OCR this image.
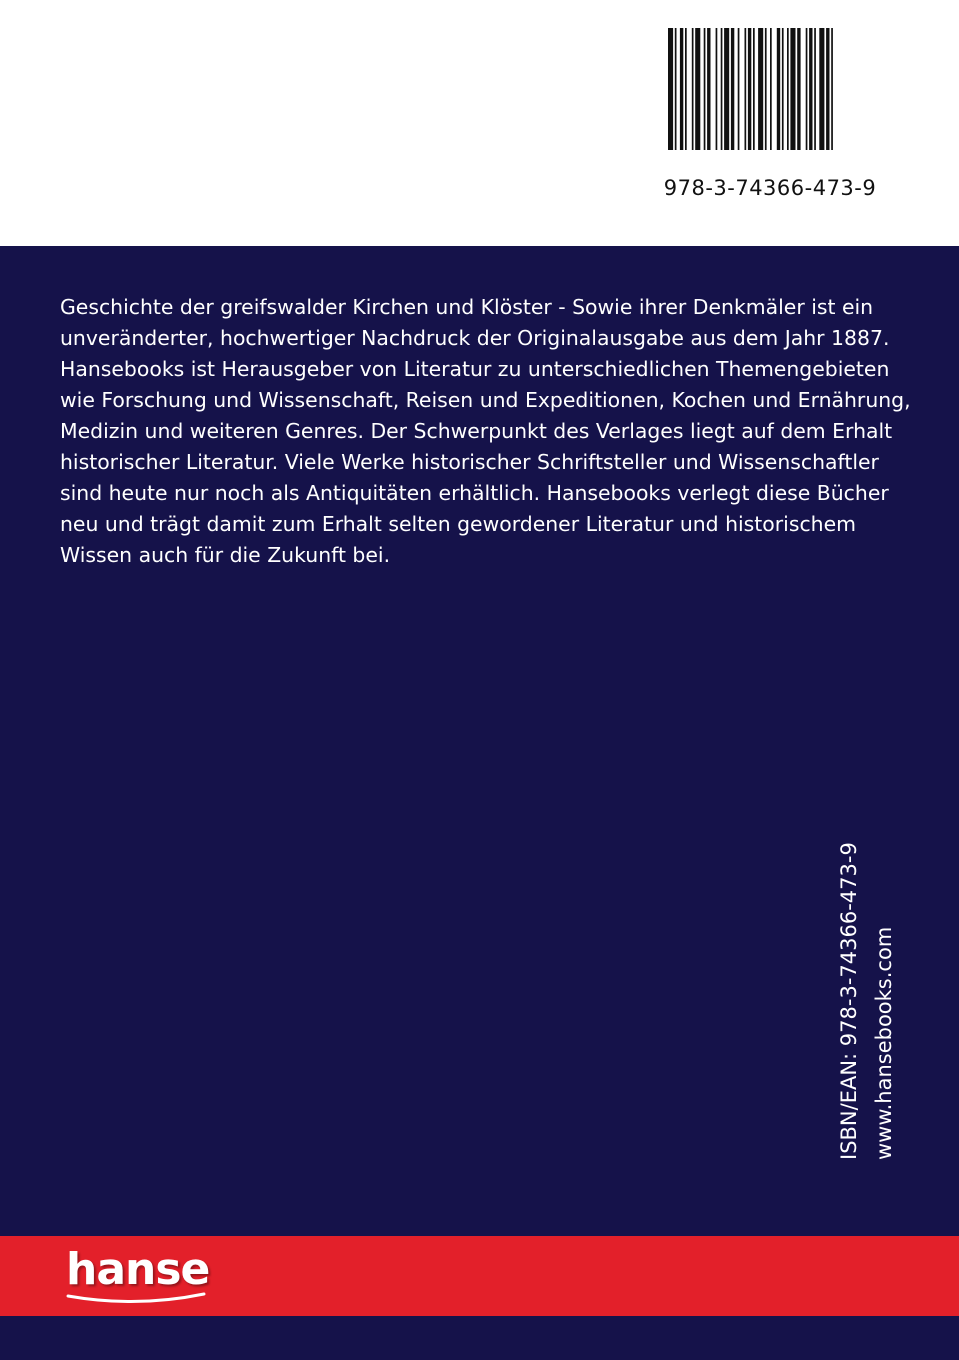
978-3-74366-473-9

Geschichte der greifswalder Kirchen und Klöster - Sowie ihrer Denkmäler ist ein unveränderter, hochwertiger Nachdruck der Originalausgabe aus dem Jahr 1887.

Hansebooks ist Herausgeber von Literatur zu unterschiedlichen Themengebieten wie Forschung und Wissenschaft, Reisen und Expeditionen, Kochen und Ernährung, Medizin und weiteren Genres. Der Schwerpunkt des Verlages liegt auf dem Erhalt historischer Literatur. Viele Werke historischer Schriftsteller und Wissenschaftler sind heute nur noch als Antiquitäten erhältlich. Hansebooks verlegt diese Bücher neu und trägt damit zum Erhalt selten gewordener Literatur und historischem Wissen auch für die Zukunft bei.

ISBN/EAN: 978-3-74366-473-9 www.hansebooks.com
hanse
